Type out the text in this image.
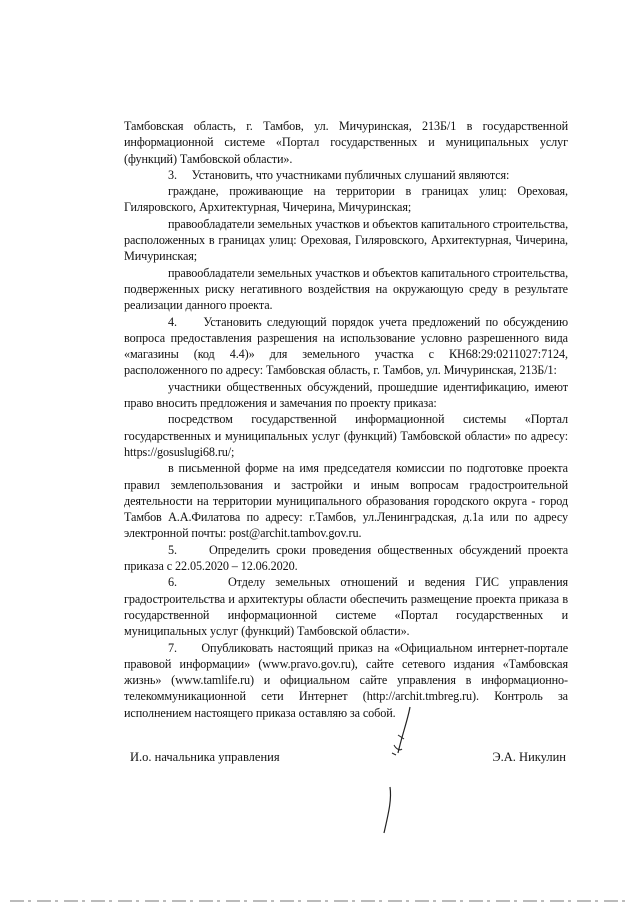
Тамбовская область, г. Тамбов, ул. Мичуринская, 213Б/1 в государственной информационной системе «Портал государственных и муниципальных услуг (функций) Тамбовской области».

3.     Установить, что участниками публичных слушаний являются:

граждане, проживающие на территории в границах улиц: Ореховая, Гиляровского, Архитектурная, Чичерина, Мичуринская;

правообладатели земельных участков и объектов капитального строительства, расположенных в границах улиц: Ореховая, Гиляровского, Архитектурная, Чичерина, Мичуринская;

правообладатели земельных участков и объектов капитального строительства, подверженных риску негативного воздействия на окружающую среду в результате реализации данного проекта.

4.     Установить следующий порядок учета предложений по обсуждению вопроса предоставления разрешения на использование условно разрешенного вида «магазины (код 4.4)» для земельного участка с КН68:29:0211027:7124, расположенного по адресу: Тамбовская область, г. Тамбов, ул. Мичуринская, 213Б/1:

участники общественных обсуждений, прошедшие идентификацию, имеют право вносить предложения и замечания по проекту приказа:

посредством государственной информационной системы «Портал государственных и муниципальных услуг (функций) Тамбовской области» по адресу: https://gosuslugi68.ru/;

в письменной форме на имя председателя комиссии по подготовке проекта правил землепользования и застройки и иным вопросам градостроительной деятельности на территории муниципального образования городского округа - город Тамбов А.А.Филатова по адресу: г.Тамбов, ул.Ленинградская, д.1а или по адресу электронной почты: post@archit.tambov.gov.ru.

5.     Определить сроки проведения общественных обсуждений проекта приказа с 22.05.2020 – 12.06.2020.

6.     Отделу земельных отношений и ведения ГИС управления градостроительства и архитектуры области обеспечить размещение проекта приказа в государственной информационной системе «Портал государственных и муниципальных услуг (функций) Тамбовской области».

7.     Опубликовать настоящий приказ на «Официальном интернет-портале правовой информации» (www.pravo.gov.ru), сайте сетевого издания «Тамбовская жизнь» (www.tamlife.ru) и официальном сайте управления в информационно-телекоммуникационной сети Интернет (http://archit.tmbreg.ru). Контроль за исполнением настоящего приказа оставляю за собой.

И.о. начальника управления	Э.А. Никулин
